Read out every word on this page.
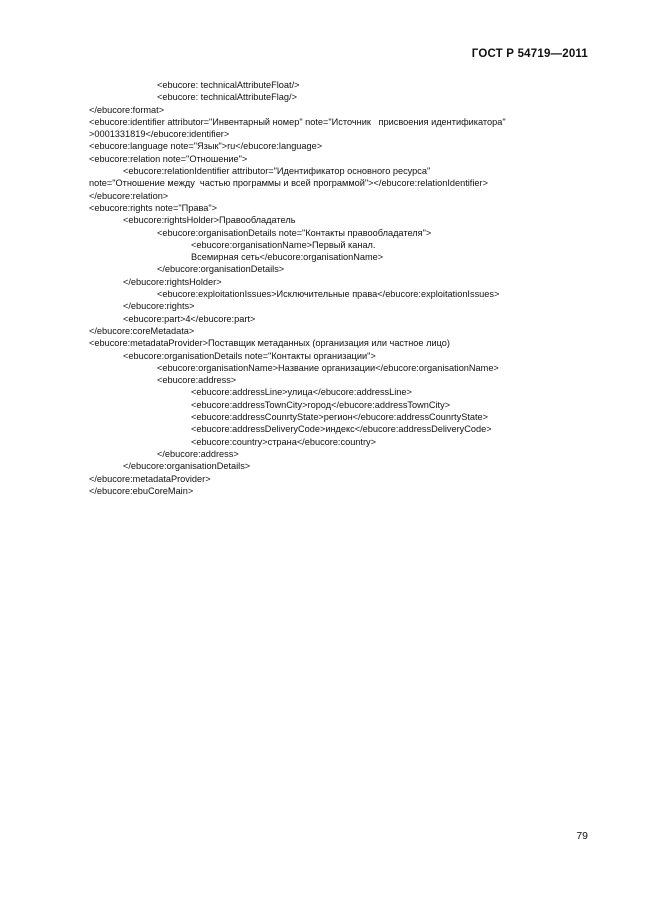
ГОСТ Р 54719—2011
<ebucore: technicalAttributeFloat/>
<ebucore: technicalAttributeFlag/>
</ebucore:format>
<ebucore:identifier attributor="Инвентарный номер" note="Источник   присвоения идентификатора"
>0001331819</ebucore:identifier>
<ebucore:language note="Язык">ru</ebucore:language>
<ebucore:relation note="Отношение">
<ebucore:relationIdentifier attributor="Идентификатор основного ресурса"
note="Отношение между  частью программы и всей программой"></ebucore:relationIdentifier>
</ebucore:relation>
<ebucore:rights note="Права">
<ebucore:rightsHolder>Правообладатель
<ebucore:organisationDetails note="Контакты правообладателя">
<ebucore:organisationName>Первый канал.
Всемирная сеть</ebucore:organisationName>
</ebucore:organisationDetails>
</ebucore:rightsHolder>
<ebucore:exploitationIssues>Исключительные права</ebucore:exploitationIssues>
</ebucore:rights>
<ebucore:part>4</ebucore:part>
</ebucore:coreMetadata>
<ebucore:metadataProvider>Поставщик метаданных (организация или частное лицо)
<ebucore:organisationDetails note="Контакты организации">
<ebucore:organisationName>Название организации</ebucore:organisationName>
<ebucore:address>
<ebucore:addressLine>улица</ebucore:addressLine>
<ebucore:addressTownCity>город</ebucore:addressTownCity>
<ebucore:addressCounrtyState>регион</ebucore:addressCounrtyState>
<ebucore:addressDeliveryCode>индекс</ebucore:addressDeliveryCode>
<ebucore:country>страна</ebucore:country>
</ebucore:address>
</ebucore:organisationDetails>
</ebucore:metadataProvider>
</ebucore:ebuCoreMain>
79
